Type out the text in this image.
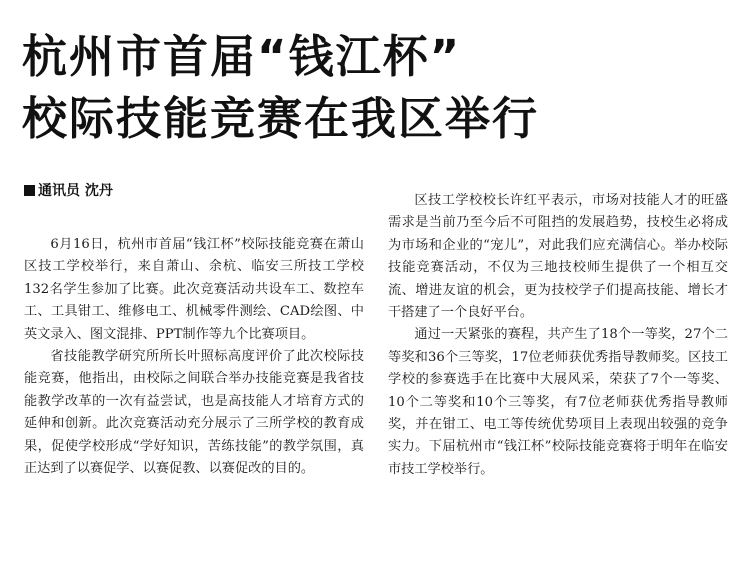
杭州市首届“钱江杯”
校际技能竞赛在我区举行
通讯员 沈丹

6月16日，杭州市首届“钱江杯”校际技能竞赛在萧山区技工学校举行，来自萧山、余杭、临安三所技工学校132名学生参加了比赛。此次竞赛活动共设车工、数控车工、工具钳工、维修电工、机械零件测绘、CAD绘图、中英文录入、图文混排、PPT制作等九个比赛项目。

省技能教学研究所所长叶照标高度评价了此次校际技能竞赛，他指出，由校际之间联合举办技能竞赛是我省技能教学改革的一次有益尝试，也是高技能人才培育方式的延伸和创新。此次竞赛活动充分展示了三所学校的教育成果，促使学校形成“学好知识，苦练技能”的教学氛围，真正达到了以赛促学、以赛促教、以赛促改的目的。

区技工学校校长许红平表示，市场对技能人才的旺盛需求是当前乃至今后不可阻挡的发展趋势，技校生必将成为市场和企业的“宠儿”，对此我们应充满信心。举办校际技能竞赛活动，不仅为三地技校师生提供了一个相互交流、增进友谊的机会，更为技校学子们提高技能、增长才干搭建了一个良好平台。

通过一天紧张的赛程，共产生了18个一等奖，27个二等奖和36个三等奖，17位老师获优秀指导教师奖。区技工学校的参赛选手在比赛中大展风采，荣获了7个一等奖、10个二等奖和10个三等奖，有7位老师获优秀指导教师奖，并在钳工、电工等传统优势项目上表现出较强的竞争实力。下届杭州市“钱江杯”校际技能竞赛将于明年在临安市技工学校举行。
